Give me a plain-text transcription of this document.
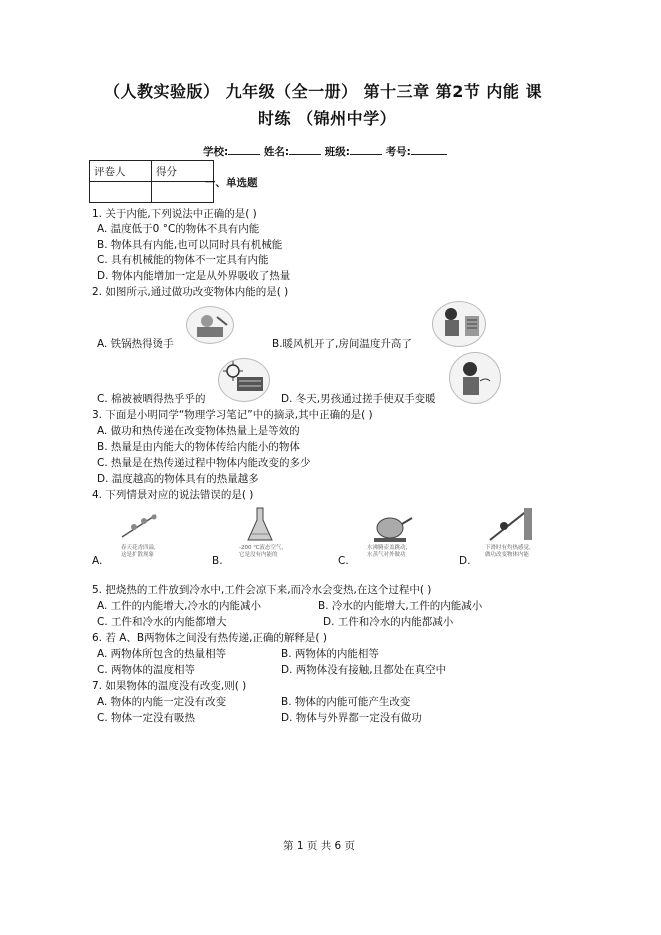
（人教实验版） 九年级（全一册） 第十三章 第2节 内能 课
时练 （锦州中学）
学校:	姓名:	班级:	考号:
评卷人	得分

一、单选题
1. 关于内能,下列说法中正确的是( )
A. 温度低于0 °C的物体不具有内能
B. 物体具有内能,也可以同时具有机械能
C. 具有机械能的物体不一定具有内能
D. 物体内能增加一定是从外界吸收了热量
2. 如图所示,通过做功改变物体内能的是( )
A. 铁锅热得烫手	B.暖风机开了,房间温度升高了
C. 棉被被晒得热乎乎的	D. 冬天,男孩通过搓手使双手变暖
3. 下面是小明同学“物理学习笔记”中的摘录,其中正确的是( )
A. 做功和热传递在改变物体热量上是等效的
B. 热量是由内能大的物体传给内能小的物体
C. 热量是在热传递过程中物体内能改变的多少
D. 温度越高的物体具有的热量越多
4. 下列情景对应的说法错误的是( )
春天花香四溢,
这是扩散现象
A.
-200 ℃液态空气,
它是没有内能的
B.
水沸腾壶盖跳动,
水蒸气对外做功
C.
下滑时有灼热感觉,
做功改变物体内能
D.
5. 把烧热的工件放到冷水中,工件会凉下来,而冷水会变热,在这个过程中( )
A. 工件的内能增大,冷水的内能减小	B. 冷水的内能增大,工件的内能减小
C. 工件和冷水的内能都增大	D. 工件和冷水的内能都减小
6. 若 A、B两物体之间没有热传递,正确的解释是( )
A. 两物体所包含的热量相等	B. 两物体的内能相等
C. 两物体的温度相等	D. 两物体没有接触,且都处在真空中
7. 如果物体的温度没有改变,则( )
A. 物体的内能一定没有改变	B. 物体的内能可能产生改变
C. 物体一定没有吸热	D. 物体与外界都一定没有做功
第 1 页 共 6 页
